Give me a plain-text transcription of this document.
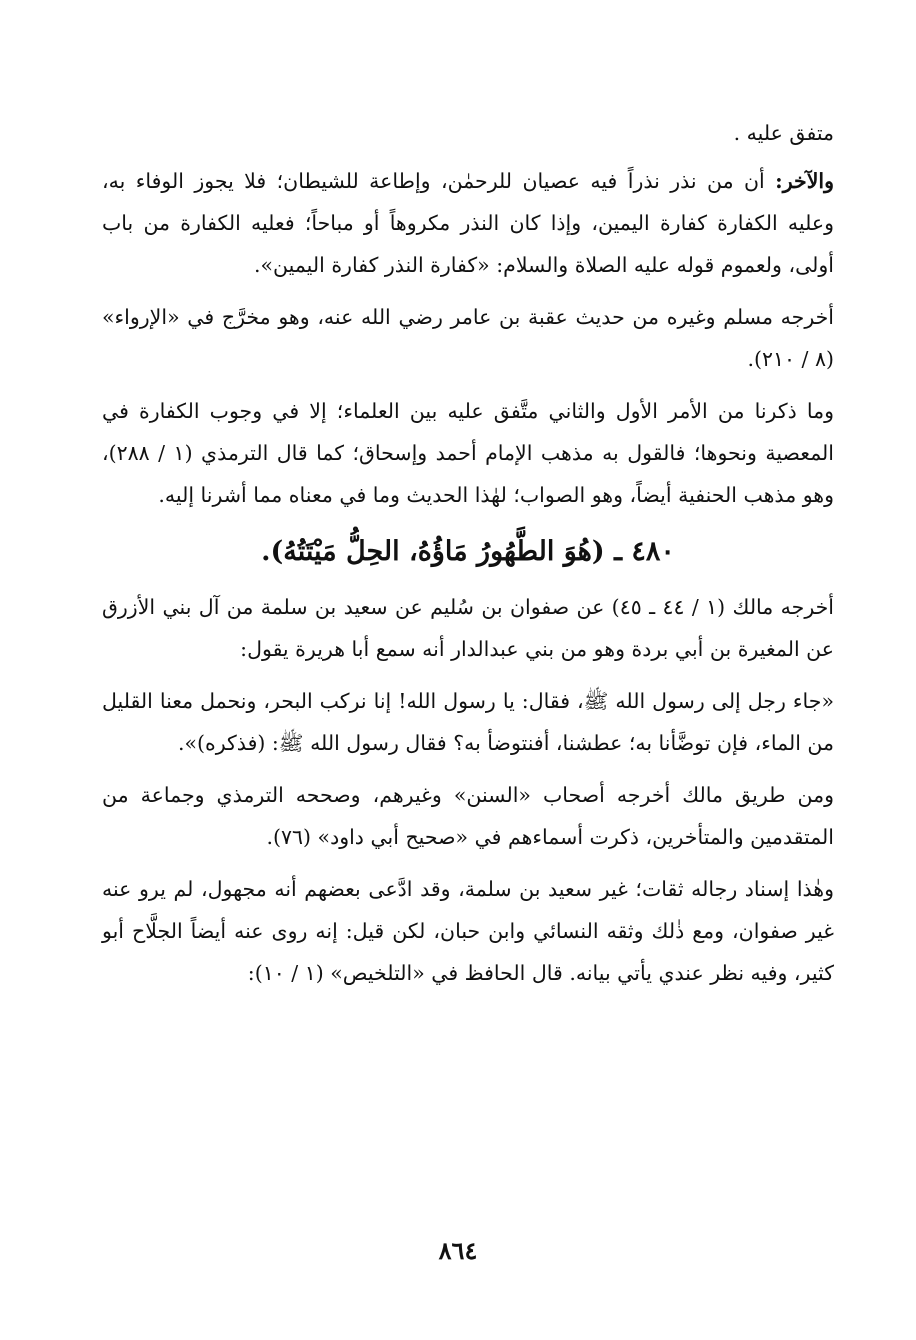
متفق عليه .

والآخر: أن من نذر نذراً فيه عصيان للرحمٰن، وإطاعة للشيطان؛ فلا يجوز الوفاء به، وعليه الكفارة كفارة اليمين، وإذا كان النذر مكروهاً أو مباحاً؛ فعليه الكفارة من باب أولى، ولعموم قوله عليه الصلاة والسلام: «كفارة النذر كفارة اليمين».

أخرجه مسلم وغيره من حديث عقبة بن عامر رضي الله عنه، وهو مخرَّج في «الإرواء» (٨ / ٢١٠).

وما ذكرنا من الأمر الأول والثاني متَّفق عليه بين العلماء؛ إلا في وجوب الكفارة في المعصية ونحوها؛ فالقول به مذهب الإمام أحمد وإسحاق؛ كما قال الترمذي (١ / ٢٨٨)، وهو مذهب الحنفية أيضاً، وهو الصواب؛ لهٰذا الحديث وما في معناه مما أشرنا إليه.

٤٨٠ ـ (هُوَ الطَّهُورُ مَاؤُهُ، الحِلُّ مَيْتَتُهُ).

أخرجه مالك (١ / ٤٤ ـ ٤٥) عن صفوان بن سُليم عن سعيد بن سلمة من آل بني الأزرق عن المغيرة بن أبي بردة وهو من بني عبدالدار أنه سمع أبا هريرة يقول:

«جاء رجل إلى رسول الله ﷺ، فقال: يا رسول الله! إنا نركب البحر، ونحمل معنا القليل من الماء، فإن توضَّأنا به؛ عطشنا، أفنتوضأ به؟ فقال رسول الله ﷺ: (فذكره)».

ومن طريق مالك أخرجه أصحاب «السنن» وغيرهم، وصححه الترمذي وجماعة من المتقدمين والمتأخرين، ذكرت أسماءهم في «صحيح أبي داود» (٧٦).

وهٰذا إسناد رجاله ثقات؛ غير سعيد بن سلمة، وقد ادَّعى بعضهم أنه مجهول، لم يرو عنه غير صفوان، ومع ذٰلك وثقه النسائي وابن حبان، لكن قيل: إنه روى عنه أيضاً الجلَّاح أبو كثير، وفيه نظر عندي يأتي بيانه. قال الحافظ في «التلخيص» (١ / ١٠):

٨٦٤
